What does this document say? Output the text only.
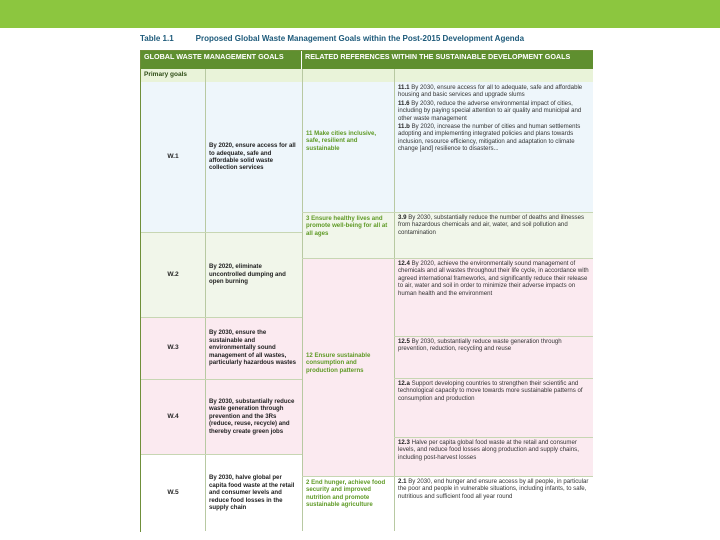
Table 1.1	Proposed Global Waste Management Goals within the Post-2015 Development Agenda
GLOBAL WASTE MANAGEMENT GOALS	RELATED REFERENCES WITHIN THE SUSTAINABLE DEVELOPMENT GOALS
Primary goals
W.1
W.2
W.3
W.4
W.5
By 2020, ensure access for all to adequate, safe and affordable solid waste collection services
By 2020, eliminate uncontrolled dumping and open burning
By 2030, ensure the sustainable and environmentally sound management of all wastes, particularly hazardous wastes
By 2030, substantially reduce waste generation through prevention and the 3Rs (reduce, reuse, recycle) and thereby create green jobs
By 2030, halve global per capita food waste at the retail and consumer levels and reduce food losses in the supply chain
11 Make cities inclusive, safe, resilient and sustainable
3 Ensure healthy lives and promote well-being for all at all ages
12 Ensure sustainable consumption and production patterns
2 End hunger, achieve food security and improved nutrition and promote sustainable agriculture

11.1 By 2030, ensure access for all to adequate, safe and affordable housing and basic services and upgrade slums

11.6 By 2030, reduce the adverse environmental impact of cities, including by paying special attention to air quality and municipal and other waste management

11.b By 2020, increase the number of cities and human settlements adopting and implementing integrated policies and plans towards inclusion, resource efficiency, mitigation and adaptation to climate change [and] resilience to disasters...

3.9 By 2030, substantially reduce the number of deaths and illnesses from hazardous chemicals and air, water, and soil pollution and contamination

12.4 By 2020, achieve the environmentally sound management of chemicals and all wastes throughout their life cycle, in accordance with agreed international frameworks, and significantly reduce their release to air, water and soil in order to minimize their adverse impacts on human health and the environment

12.5 By 2030, substantially reduce waste generation through prevention, reduction, recycling and reuse

12.a Support developing countries to strengthen their scientific and technological capacity to move towards more sustainable patterns of consumption and production

12.3 Halve per capita global food waste at the retail and consumer levels, and reduce food losses along production and supply chains, including post-harvest losses

2.1 By 2030, end hunger and ensure access by all people, in particular the poor and people in vulnerable situations, including infants, to safe, nutritious and sufficient food all year round
